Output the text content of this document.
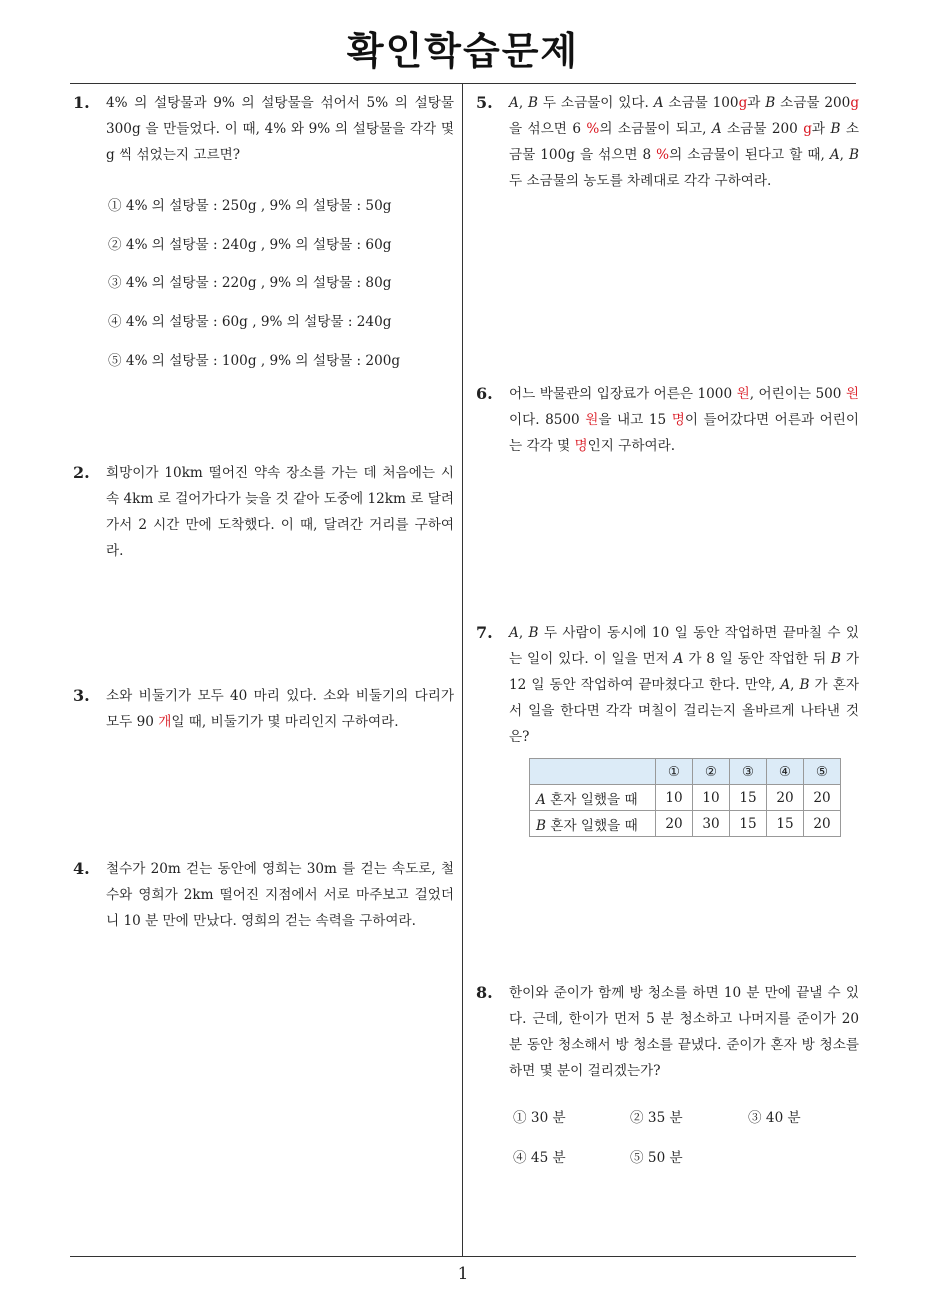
확인학습문제
1. 4% 의 설탕물과 9% 의 설탕물을 섞어서 5% 의 설탕물 300g 을 만들었다. 이 때, 4% 와 9% 의 설탕물을 각각 몇 g 씩 섞었는지 고르면?
① 4% 의 설탕물 : 250g , 9% 의 설탕물 : 50g
② 4% 의 설탕물 : 240g , 9% 의 설탕물 : 60g
③ 4% 의 설탕물 : 220g , 9% 의 설탕물 : 80g
④ 4% 의 설탕물 : 60g , 9% 의 설탕물 : 240g
⑤ 4% 의 설탕물 : 100g , 9% 의 설탕물 : 200g
2. 희망이가 10km 떨어진 약속 장소를 가는 데 처음에는 시속 4km 로 걸어가다가 늦을 것 같아 도중에 12km 로 달려가서 2 시간 만에 도착했다. 이 때, 달려간 거리를 구하여라.
3. 소와 비둘기가 모두 40 마리 있다. 소와 비둘기의 다리가 모두 90 개일 때, 비둘기가 몇 마리인지 구하여라.
4. 철수가 20m 걷는 동안에 영희는 30m 를 걷는 속도로, 철수와 영희가 2km 떨어진 지점에서 서로 마주보고 걸었더니 10 분 만에 만났다. 영희의 걷는 속력을 구하여라.
5. A, B 두 소금물이 있다. A 소금물 100g과 B 소금물 200g 을 섞으면 6 %의 소금물이 되고, A 소금물 200 g과 B 소금물 100g 을 섞으면 8 %의 소금물이 된다고 할 때, A, B 두 소금물의 농도를 차례대로 각각 구하여라.
6. 어느 박물관의 입장료가 어른은 1000 원, 어린이는 500 원이다. 8500 원을 내고 15 명이 들어갔다면 어른과 어린이는 각각 몇 명인지 구하여라.
7. A, B 두 사람이 동시에 10 일 동안 작업하면 끝마칠 수 있는 일이 있다. 이 일을 먼저 A 가 8 일 동안 작업한 뒤 B 가 12 일 동안 작업하여 끝마쳤다고 한다. 만약, A, B 가 혼자서 일을 한다면 각각 며칠이 걸리는지 올바르게 나타낸 것은?
	①	②	③	④	⑤
A 혼자 일했을 때	10	10	15	20	20
B 혼자 일했을 때	20	30	15	15	20
8. 한이와 준이가 함께 방 청소를 하면 10 분 만에 끝낼 수 있다. 근데, 한이가 먼저 5 분 청소하고 나머지를 준이가 20 분 동안 청소해서 방 청소를 끝냈다. 준이가 혼자 방 청소를 하면 몇 분이 걸리겠는가?
① 30 분	② 35 분	③ 40 분
④ 45 분	⑤ 50 분
1
